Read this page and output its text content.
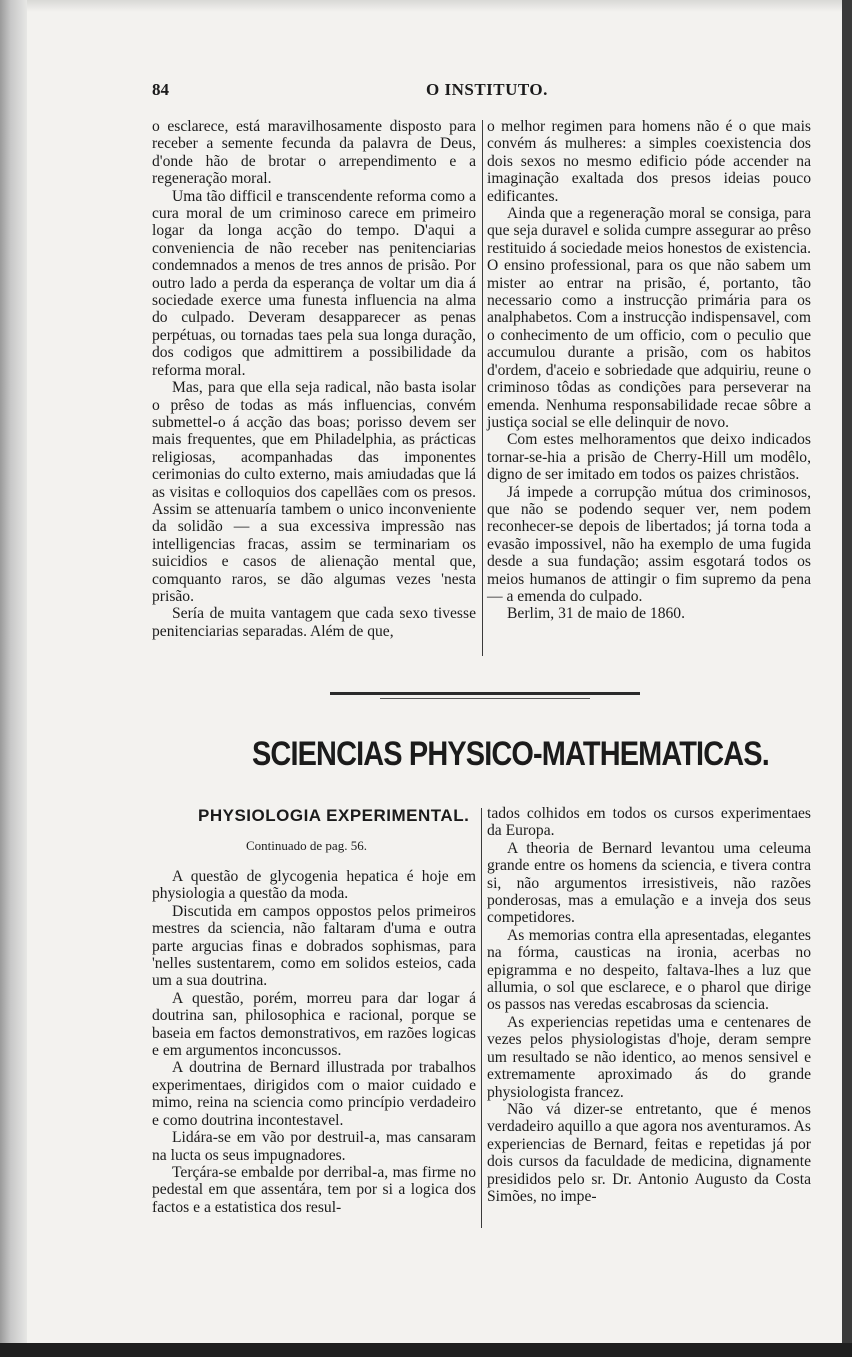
84	O INSTITUTO.

o esclarece, está maravilhosamente disposto para receber a semente fecunda da palavra de Deus, d'onde hão de brotar o arrependimento e a regeneração moral.

Uma tão difficil e transcendente reforma como a cura moral de um criminoso carece em primeiro logar da longa acção do tempo. D'aqui a conveniencia de não receber nas penitenciarias condemnados a menos de tres annos de prisão. Por outro lado a perda da esperança de voltar um dia á sociedade exerce uma funesta influencia na alma do culpado. Deveram desapparecer as penas perpétuas, ou tornadas taes pela sua longa duração, dos codigos que admittirem a possibilidade da reforma moral.

Mas, para que ella seja radical, não basta isolar o prêso de todas as más influencias, convém submettel-o á acção das boas; porisso devem ser mais frequentes, que em Philadelphia, as prácticas religiosas, acompanhadas das imponentes cerimonias do culto externo, mais amiudadas que lá as visitas e colloquios dos capellães com os presos. Assim se attenuaría tambem o unico inconveniente da solidão — a sua excessiva impressão nas intelligencias fracas, assim se terminariam os suicidios e casos de alienação mental que, comquanto raros, se dão algumas vezes 'nesta prisão.

Sería de muita vantagem que cada sexo tivesse penitenciarias separadas. Além de que,

o melhor regimen para homens não é o que mais convém ás mulheres: a simples coexistencia dos dois sexos no mesmo edificio póde accender na imaginação exaltada dos presos ideias pouco edificantes.

Ainda que a regeneração moral se consiga, para que seja duravel e solida cumpre assegurar ao prêso restituido á sociedade meios honestos de existencia. O ensino professional, para os que não sabem um mister ao entrar na prisão, é, portanto, tão necessario como a instrucção primária para os analphabetos. Com a instrucção indispensavel, com o conhecimento de um officio, com o peculio que accumulou durante a prisão, com os habitos d'ordem, d'aceio e sobriedade que adquiriu, reune o criminoso tôdas as condições para perseverar na emenda. Nenhuma responsabilidade recae sôbre a justiça social se elle delinquir de novo.

Com estes melhoramentos que deixo indicados tornar-se-hia a prisão de Cherry-Hill um modêlo, digno de ser imitado em todos os paizes christãos.

Já impede a corrupção mútua dos criminosos, que não se podendo sequer ver, nem podem reconhecer-se depois de libertados; já torna toda a evasão impossivel, não ha exemplo de uma fugida desde a sua fundação; assim esgotará todos os meios humanos de attingir o fim supremo da pena — a emenda do culpado.

Berlim, 31 de maio de 1860.

SCIENCIAS PHYSICO-MATHEMATICAS.
PHYSIOLOGIA EXPERIMENTAL.
Continuado de pag. 56.

A questão de glycogenia hepatica é hoje em physiologia a questão da moda.

Discutida em campos oppostos pelos primeiros mestres da sciencia, não faltaram d'uma e outra parte argucias finas e dobrados sophismas, para 'nelles sustentarem, como em solidos esteios, cada um a sua doutrina.

A questão, porém, morreu para dar logar á doutrina san, philosophica e racional, porque se baseia em factos demonstrativos, em razões logicas e em argumentos inconcussos.

A doutrina de Bernard illustrada por trabalhos experimentaes, dirigidos com o maior cuidado e mimo, reina na sciencia como princípio verdadeiro e como doutrina incontestavel.

Lidára-se em vão por destruil-a, mas cansaram na lucta os seus impugnadores.

Terçára-se embalde por derribal-a, mas firme no pedestal em que assentára, tem por si a logica dos factos e a estatistica dos resul-

tados colhidos em todos os cursos experimentaes da Europa.

A theoria de Bernard levantou uma celeuma grande entre os homens da sciencia, e tivera contra si, não argumentos irresistiveis, não razões ponderosas, mas a emulação e a inveja dos seus competidores.

As memorias contra ella apresentadas, elegantes na fórma, causticas na ironia, acerbas no epigramma e no despeito, faltava-lhes a luz que allumia, o sol que esclarece, e o pharol que dirige os passos nas veredas escabrosas da sciencia.

As experiencias repetidas uma e centenares de vezes pelos physiologistas d'hoje, deram sempre um resultado se não identico, ao menos sensivel e extremamente aproximado ás do grande physiologista francez.

Não vá dizer-se entretanto, que é menos verdadeiro aquillo a que agora nos aventuramos. As experiencias de Bernard, feitas e repetidas já por dois cursos da faculdade de medicina, dignamente presididos pelo sr. Dr. Antonio Augusto da Costa Simões, no impe-
